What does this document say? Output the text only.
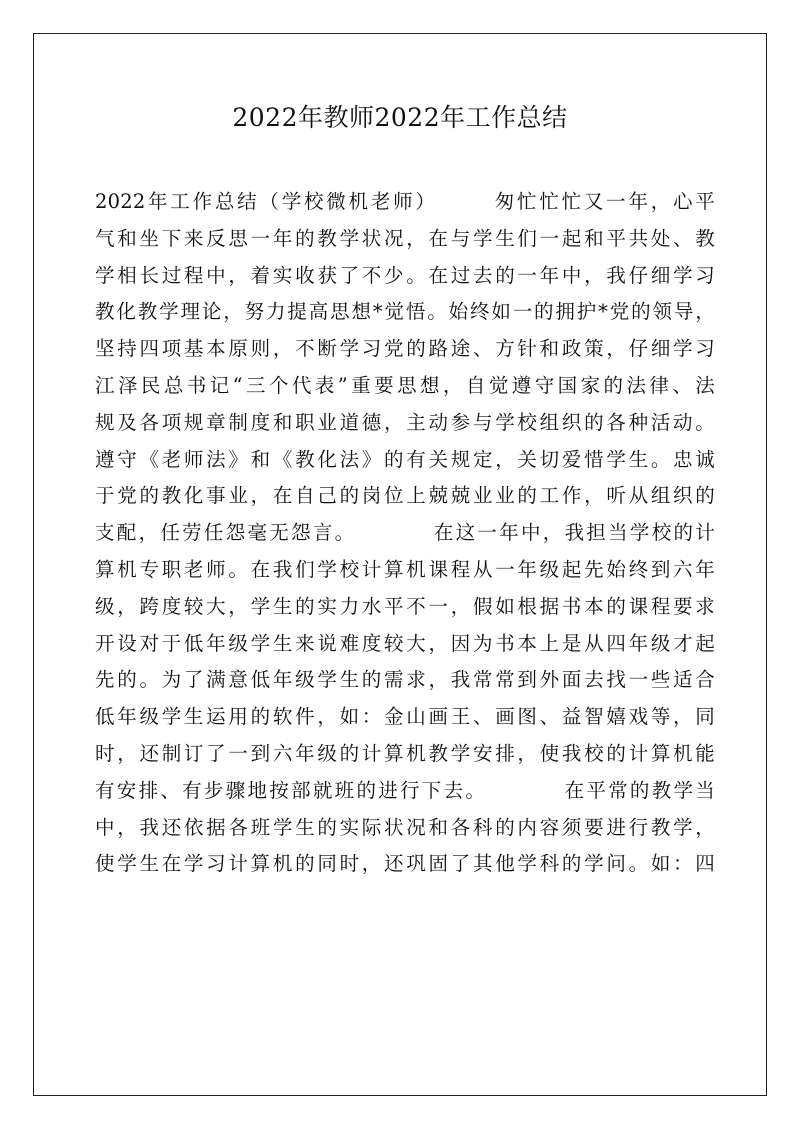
2022年教师2022年工作总结
2022年工作总结（学校微机老师）　　　匆忙忙忙又一年，心平
气和坐下来反思一年的教学状况，在与学生们一起和平共处、教
学相长过程中，着实收获了不少。在过去的一年中，我仔细学习
教化教学理论，努力提高思想*觉悟。始终如一的拥护*党的领导，
坚持四项基本原则，不断学习党的路途、方针和政策，仔细学习
江泽民总书记“三个代表”重要思想，自觉遵守国家的法律、法
规及各项规章制度和职业道德，主动参与学校组织的各种活动。
遵守《老师法》和《教化法》的有关规定，关切爱惜学生。忠诚
于党的教化事业，在自己的岗位上兢兢业业的工作，听从组织的
支配，任劳任怨毫无怨言。　　　　在这一年中，我担当学校的计
算机专职老师。在我们学校计算机课程从一年级起先始终到六年
级，跨度较大，学生的实力水平不一，假如根据书本的课程要求
开设对于低年级学生来说难度较大，因为书本上是从四年级才起
先的。为了满意低年级学生的需求，我常常到外面去找一些适合
低年级学生运用的软件，如：金山画王、画图、益智嬉戏等，同
时，还制订了一到六年级的计算机教学安排，使我校的计算机能
有安排、有步骤地按部就班的进行下去。　　　　在平常的教学当
中，我还依据各班学生的实际状况和各科的内容须要进行教学，
使学生在学习计算机的同时，还巩固了其他学科的学问。如：四
